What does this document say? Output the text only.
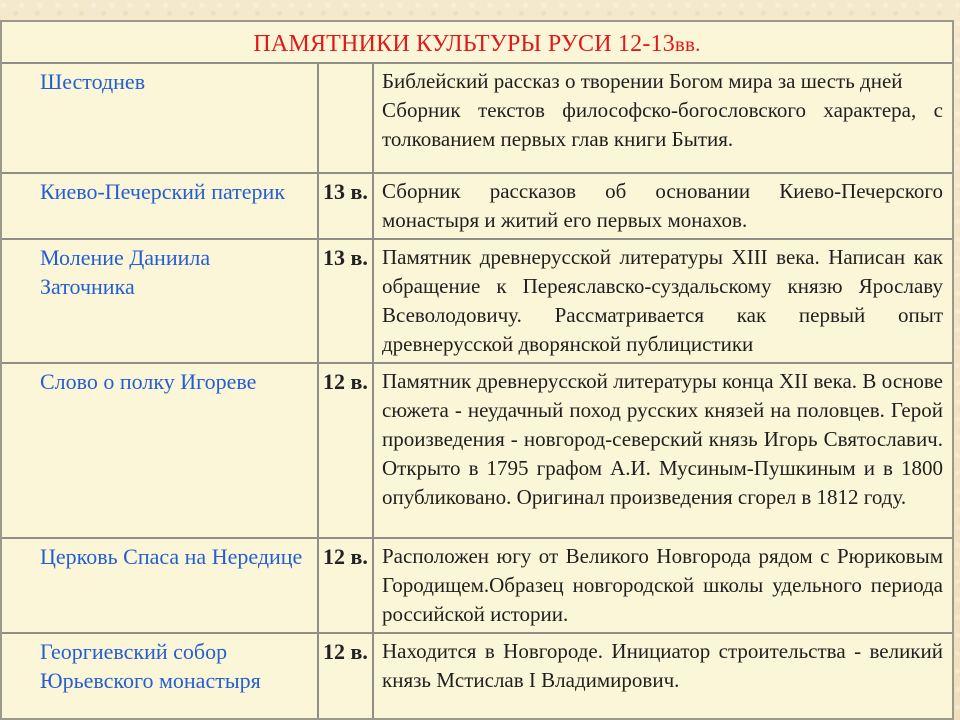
ПАМЯТНИКИ КУЛЬТУРЫ РУСИ 12-13вв.
Шестоднев		Библейский рассказ о творении Богом мира за шесть дней
Сборник текстов философско-богословского характера, с толкованием первых глав книги Бытия.

Киево-Печерский патерик	13 в.	Сборник рассказов об основании Киево-Печерского монастыря и житий его первых монахов.

Моление Даниила Заточника	13 в.	Памятник древнерусской литературы XIII века. Написан как обращение к Переяславско-суздальскому князю Ярославу Всеволодовичу. Рассматривается как первый опыт древнерусской дворянской публицистики

Слово о полку Игореве	12 в.	Памятник древнерусской литературы конца XII века. В основе сюжета - неудачный поход русских князей на половцев. Герой произведения - новгород-северский князь Игорь Святославич. Открыто в 1795 графом А.И. Мусиным-Пушкиным и в 1800 опубликовано. Оригинал произведения сгорел в 1812 году.

Церковь Спаса на Нередице	12 в.	Расположен югу от Великого Новгорода рядом с Рюриковым Городищем.Образец новгородской школы удельного периода российской истории.

Георгиевский собор Юрьевского монастыря	12 в.	Находится в Новгороде. Инициатор строительства - великий князь Мстислав I Владимирович.
